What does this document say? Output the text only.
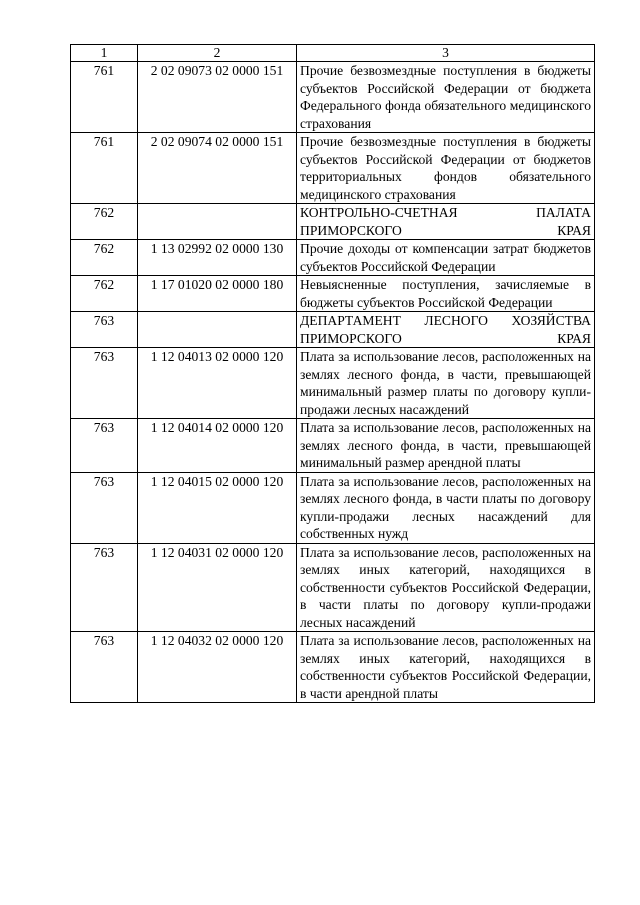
1	2	3
761	2 02 09073 02 0000 151	Прочие безвозмездные поступления в бюджеты субъектов Российской Федерации от бюджета Федерального фонда обязательного медицинского страхования
761	2 02 09074 02 0000 151	Прочие безвозмездные поступления в бюджеты субъектов Российской Федерации от бюджетов территориальных фондов обязательного медицинского страхования
762		КОНТРОЛЬНО-СЧЕТНАЯ ПАЛАТА ПРИМОРСКОГО КРАЯ
762	1 13 02992 02 0000 130	Прочие доходы от компенсации затрат бюджетов субъектов Российской Федерации
762	1 17 01020 02 0000 180	Невыясненные поступления, зачисляемые в бюджеты субъектов Российской Федерации
763		ДЕПАРТАМЕНТ ЛЕСНОГО ХОЗЯЙСТВА ПРИМОРСКОГО КРАЯ
763	1 12 04013 02 0000 120	Плата за использование лесов, расположенных на землях лесного фонда, в части, превышающей минимальный размер платы по договору купли-продажи лесных насаждений
763	1 12 04014 02 0000 120	Плата за использование лесов, расположенных на землях лесного фонда, в части, превышающей минимальный размер арендной платы
763	1 12 04015 02 0000 120	Плата за использование лесов, расположенных на землях лесного фонда, в части платы по договору купли-продажи лесных насаждений для собственных нужд
763	1 12 04031 02 0000 120	Плата за использование лесов, расположенных на землях иных категорий, находящихся в собственности субъектов Российской Федерации, в части платы по договору купли-продажи лесных насаждений
763	1 12 04032 02 0000 120	Плата за использование лесов, расположенных на землях иных категорий, находящихся в собственности субъектов Российской Федерации, в части арендной платы
